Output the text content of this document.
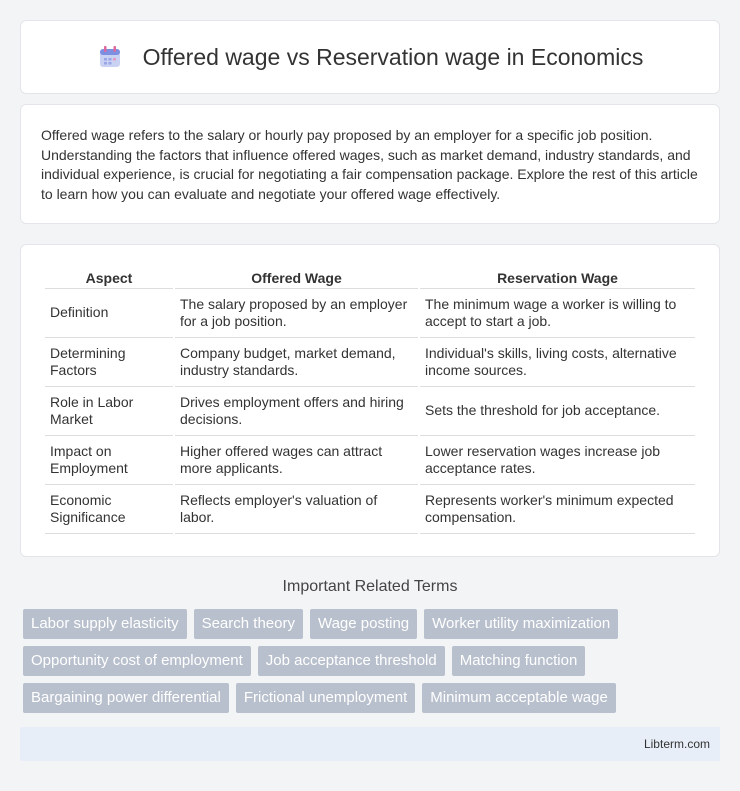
Offered wage vs Reservation wage in Economics

Offered wage refers to the salary or hourly pay proposed by an employer for a specific job position. Understanding the factors that influence offered wages, such as market demand, industry standards, and individual experience, is crucial for negotiating a fair compensation package. Explore the rest of this article to learn how you can evaluate and negotiate your offered wage effectively.

Aspect	Offered Wage	Reservation Wage
Definition	The salary proposed by an employer for a job position.	The minimum wage a worker is willing to accept to start a job.
Determining Factors	Company budget, market demand, industry standards.	Individual's skills, living costs, alternative income sources.
Role in Labor Market	Drives employment offers and hiring decisions.	Sets the threshold for job acceptance.
Impact on Employment	Higher offered wages can attract more applicants.	Lower reservation wages increase job acceptance rates.
Economic Significance	Reflects employer's valuation of labor.	Represents worker's minimum expected compensation.
Important Related Terms
Labor supply elasticity	Search theory	Wage posting	Worker utility maximization
Opportunity cost of employment	Job acceptance threshold	Matching function
Bargaining power differential	Frictional unemployment	Minimum acceptable wage
Libterm.com
